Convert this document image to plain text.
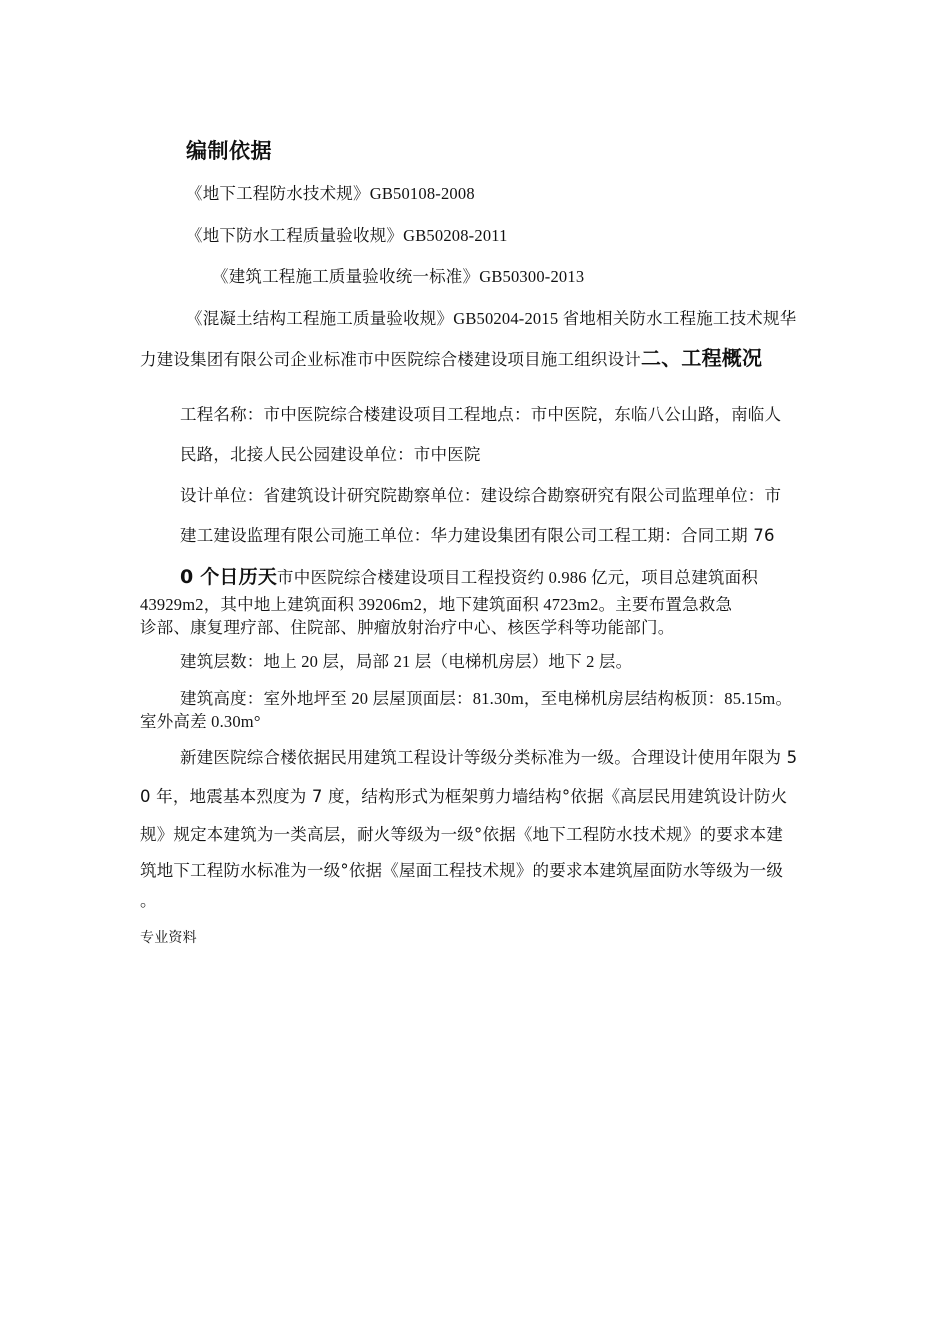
编制依据
《地下工程防水技术规》GB50108-2008
《地下防水工程质量验收规》GB50208-2011
《建筑工程施工质量验收统一标准》GB50300-2013
《混凝土结构工程施工质量验收规》GB50204-2015 省地相关防水工程施工技术规华
力建设集团有限公司企业标准市中医院综合楼建设项目施工组织设计二、工程概况
工程名称：市中医院综合楼建设项目工程地点：市中医院，东临八公山路，南临人
民路，北接人民公园建设单位：市中医院
设计单位：省建筑设计研究院勘察单位：建设综合勘察研究有限公司监理单位：市
建工建设监理有限公司施工单位：华力建设集团有限公司工程工期：合同工期 76
0 个日历天市中医院综合楼建设项目工程投资约 0.986 亿元，项目总建筑面积
43929m2，其中地上建筑面积 39206m2，地下建筑面积 4723m2。主要布置急救急
诊部、康复理疗部、住院部、肿瘤放射治疗中心、核医学科等功能部门。
建筑层数：地上 20 层，局部 21 层（电梯机房层）地下 2 层。
建筑高度：室外地坪至 20 层屋顶面层：81.30m，至电梯机房层结构板顶：85.15m。
室外高差 0.30m°
新建医院综合楼依据民用建筑工程设计等级分类标准为一级。合理设计使用年限为 5
0 年，地震基本烈度为 7 度，结构形式为框架剪力墙结构°依据《高层民用建筑设计防火
规》规定本建筑为一类高层，耐火等级为一级°依据《地下工程防水技术规》的要求本建
筑地下工程防水标准为一级°依据《屋面工程技术规》的要求本建筑屋面防水等级为一级
。
专业资料
